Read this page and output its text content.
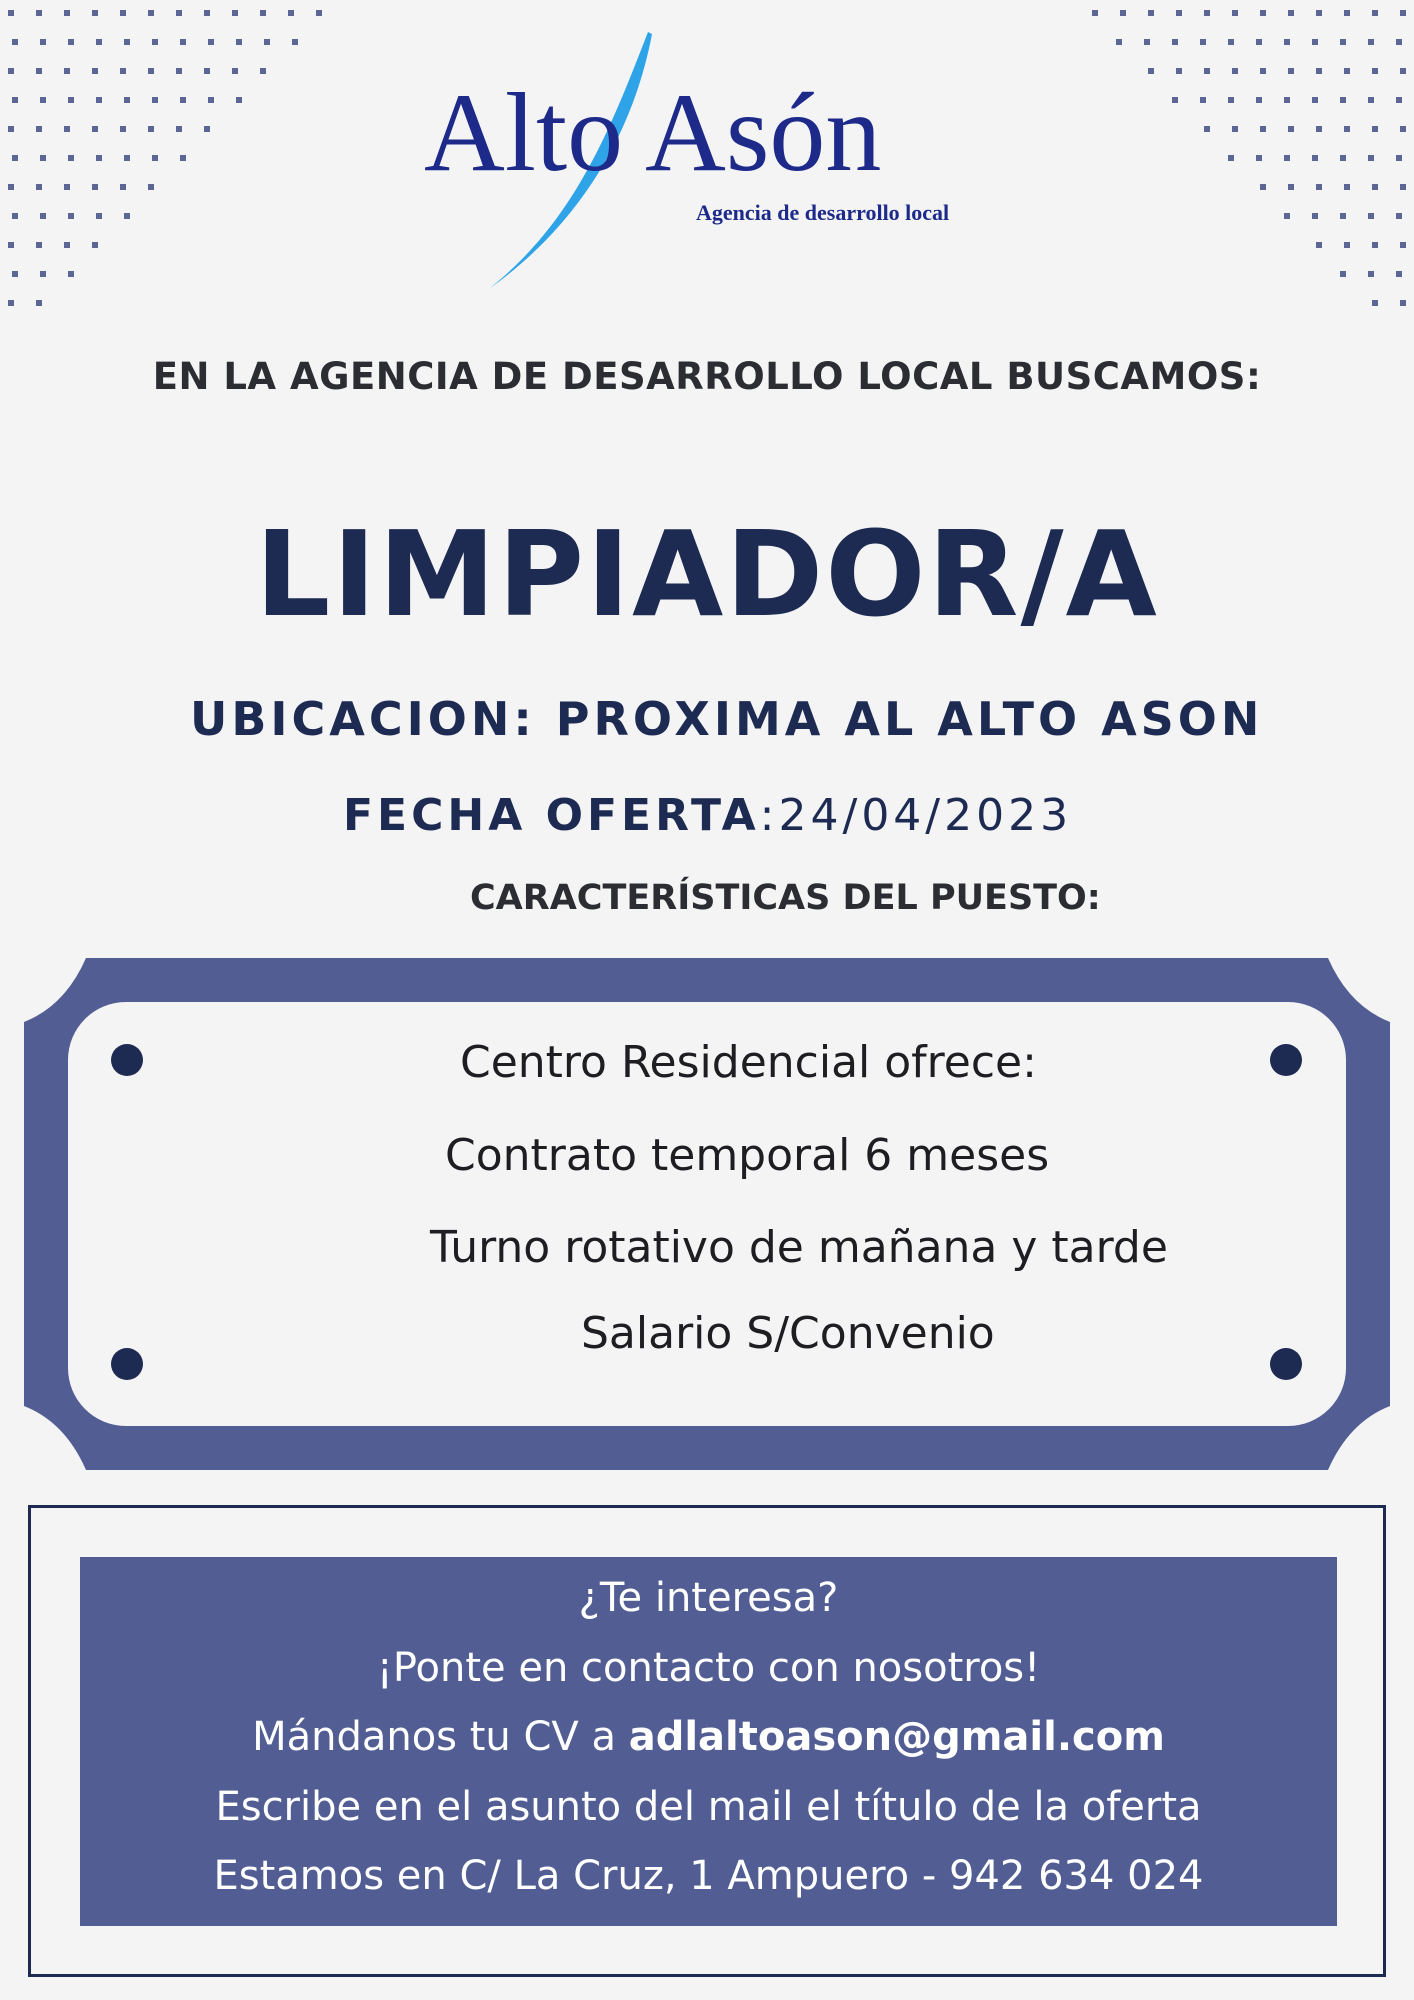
Alto Asón
Agencia de desarrollo local
EN LA AGENCIA DE DESARROLLO LOCAL BUSCAMOS:
LIMPIADOR/A
UBICACION: PROXIMA AL ALTO ASON
FECHA OFERTA:24/04/2023
CARACTERÍSTICAS DEL PUESTO:
Centro Residencial ofrece:
Contrato temporal 6 meses
Turno rotativo de mañana y tarde
Salario S/Convenio
¿Te interesa?
¡Ponte en contacto con nosotros!
Mándanos tu CV a adlaltoason@gmail.com
Escribe en el asunto del mail el título de la oferta
Estamos en C/ La Cruz, 1 Ampuero - 942 634 024
